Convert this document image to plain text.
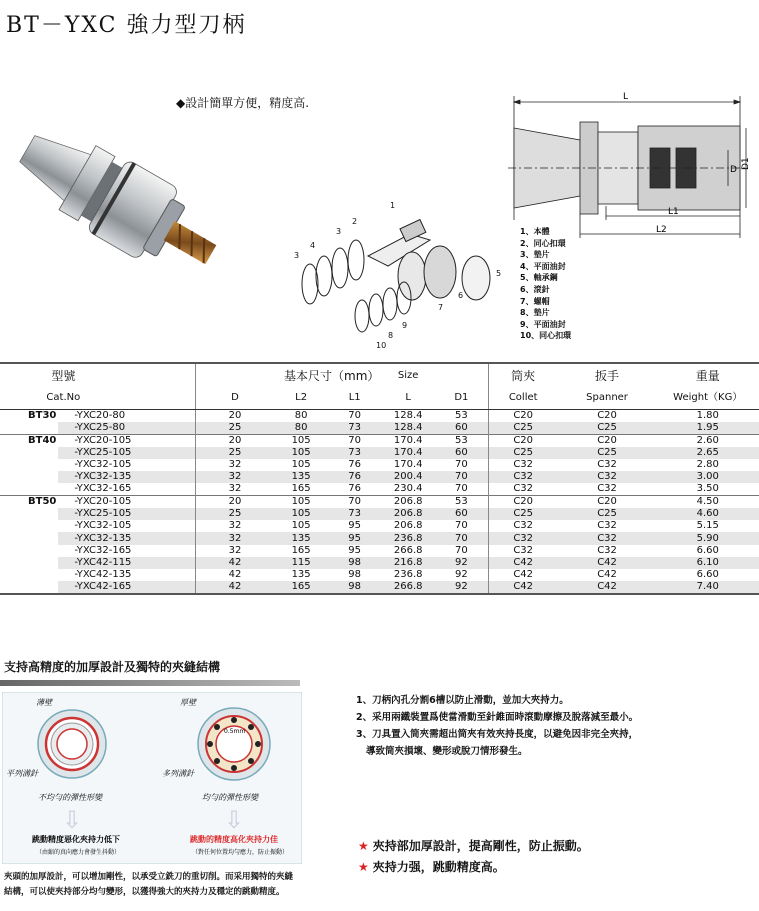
BT－YXC 強力型刀柄
◆設計簡單方便，精度高.	L
L1
L2
D D1
1
2
3
4
3
5
6
7
8
9
10
1、本體
2、同心扣環
3、墊片
4、平面油封
5、軸承鋼
6、滾針
7、螺帽
8、墊片
9、平面油封
10、同心扣環
型號		基本尺寸（mm）			Size		筒夾	扳手	重量
Cat.No		D	L2	L1	L	D1	Collet	Spanner	Weight（KG）
BT30	-YXC20-80	20	80	70	128.4	53	C20	C20	1.80
	-YXC25-80	25	80	73	128.4	60	C25	C25	1.95
BT40	-YXC20-105	20	105	70	170.4	53	C20	C20	2.60
	-YXC25-105	25	105	73	170.4	60	C25	C25	2.65
	-YXC32-105	32	105	76	170.4	70	C32	C32	2.80
	-YXC32-135	32	135	76	200.4	70	C32	C32	3.00
	-YXC32-165	32	165	76	230.4	70	C32	C32	3.50
BT50	-YXC20-105	20	105	70	206.8	53	C20	C20	4.50
	-YXC25-105	25	105	73	206.8	60	C25	C25	4.60
	-YXC32-105	32	105	95	206.8	70	C32	C32	5.15
	-YXC32-135	32	135	95	236.8	70	C32	C32	5.90
	-YXC32-165	32	165	95	266.8	70	C32	C32	6.60
	-YXC42-115	42	115	98	216.8	92	C42	C42	6.10
	-YXC42-135	42	135	98	236.8	92	C42	C42	6.60
	-YXC42-165	42	165	98	266.8	92	C42	C42	7.40
支持高精度的加厚設計及獨特的夾縫結構
薄壁
平列溝針
不均勻的彈性形變
⇩
跳動精度惡化夾持力低下
（由縮的真向應力會發生抖動）
厚壁
0.5mm
多列溝針
均勻的彈性形變
⇩
跳動的精度高化夾持力佳
（對任何位置均勻應力，防止振動）
1、刀柄內孔分割6槽以防止滑動，並加大夾持力。
2、采用兩鐵裝置爲使當滑動至針錐面時滾動摩擦及脫落減至最小。
3、刀具置入筒夾需超出筒夾有效夾持長度，以避免因非完全夾持，
導致筒夾損壞、變形或脫刀情形發生。
★ 夾持部加厚設計，提高剛性，防止振動。
★ 夾持力强，跳動精度高。
夾頭的加厚設計，可以增加剛性，以承受立銑刀的重切削。而采用獨特的夾縫
結構，可以使夾持部分均勻變形，以獲得強大的夾持力及穩定的跳動精度。
